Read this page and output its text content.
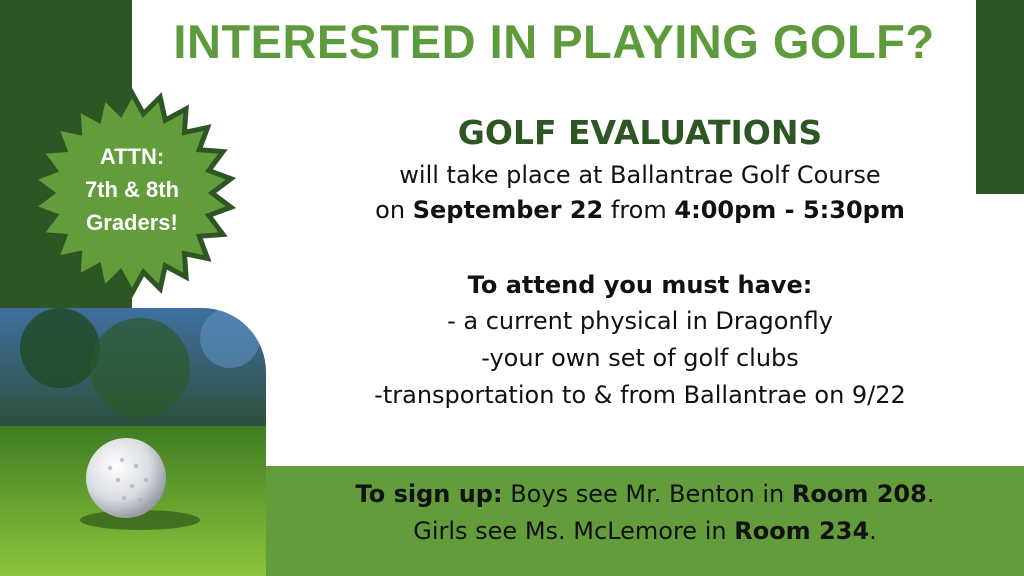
INTERESTED IN PLAYING GOLF?
ATTN:
7th & 8th
Graders!
GOLF EVALUATIONS
will take place at Ballantrae Golf Course
on September 22 from 4:00pm - 5:30pm
To attend you must have:
- a current physical in Dragonfly
-your own set of golf clubs
-transportation to & from Ballantrae on 9/22
To sign up: Boys see Mr. Benton in Room 208.
Girls see Ms. McLemore in Room 234.
